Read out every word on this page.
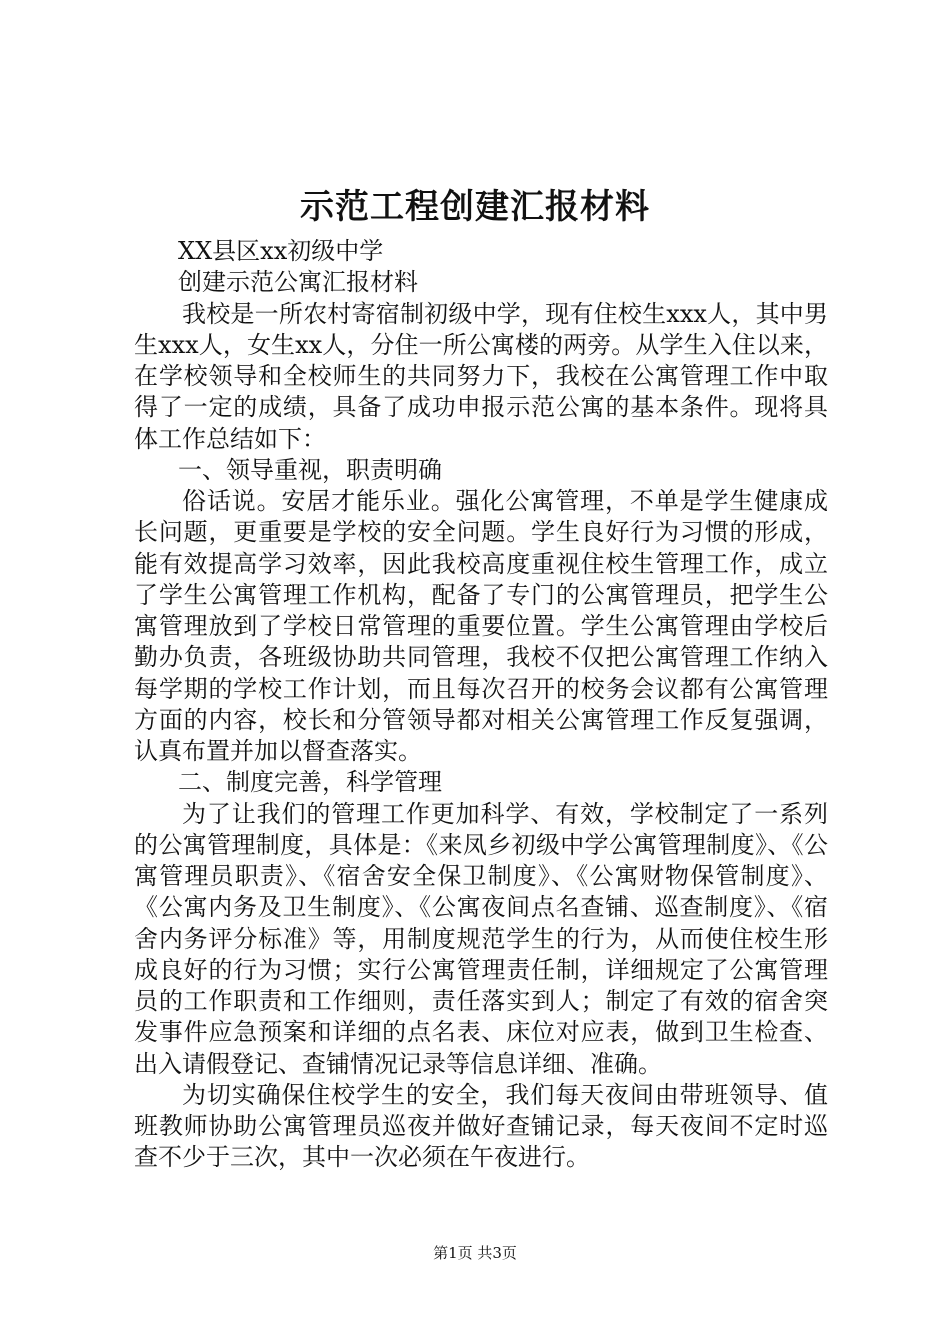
示范工程创建汇报材料

XX县区xx初级中学

创建示范公寓汇报材料

我校是一所农村寄宿制初级中学，现有住校生xxx人，其中男生xxx人，女生xx人，分住一所公寓楼的两旁。从学生入住以来，在学校领导和全校师生的共同努力下，我校在公寓管理工作中取得了一定的成绩，具备了成功申报示范公寓的基本条件。现将具体工作总结如下：

一、领导重视，职责明确

俗话说。安居才能乐业。强化公寓管理，不单是学生健康成长问题，更重要是学校的安全问题。学生良好行为习惯的形成，能有效提高学习效率，因此我校高度重视住校生管理工作，成立了学生公寓管理工作机构，配备了专门的公寓管理员，把学生公寓管理放到了学校日常管理的重要位置。学生公寓管理由学校后勤办负责，各班级协助共同管理，我校不仅把公寓管理工作纳入每学期的学校工作计划，而且每次召开的校务会议都有公寓管理方面的内容，校长和分管领导都对相关公寓管理工作反复强调，认真布置并加以督查落实。

二、制度完善，科学管理

为了让我们的管理工作更加科学、有效，学校制定了一系列的公寓管理制度，具体是：《来凤乡初级中学公寓管理制度》、《公寓管理员职责》、《宿舍安全保卫制度》、《公寓财物保管制度》、《公寓内务及卫生制度》、《公寓夜间点名查铺、巡查制度》、《宿舍内务评分标准》等，用制度规范学生的行为，从而使住校生形成良好的行为习惯；实行公寓管理责任制，详细规定了公寓管理员的工作职责和工作细则，责任落实到人；制定了有效的宿舍突发事件应急预案和详细的点名表、床位对应表，做到卫生检查、出入请假登记、查铺情况记录等信息详细、准确。

为切实确保住校学生的安全，我们每天夜间由带班领导、值班教师协助公寓管理员巡夜并做好查铺记录，每天夜间不定时巡查不少于三次，其中一次必须在午夜进行。

第1页 共3页
